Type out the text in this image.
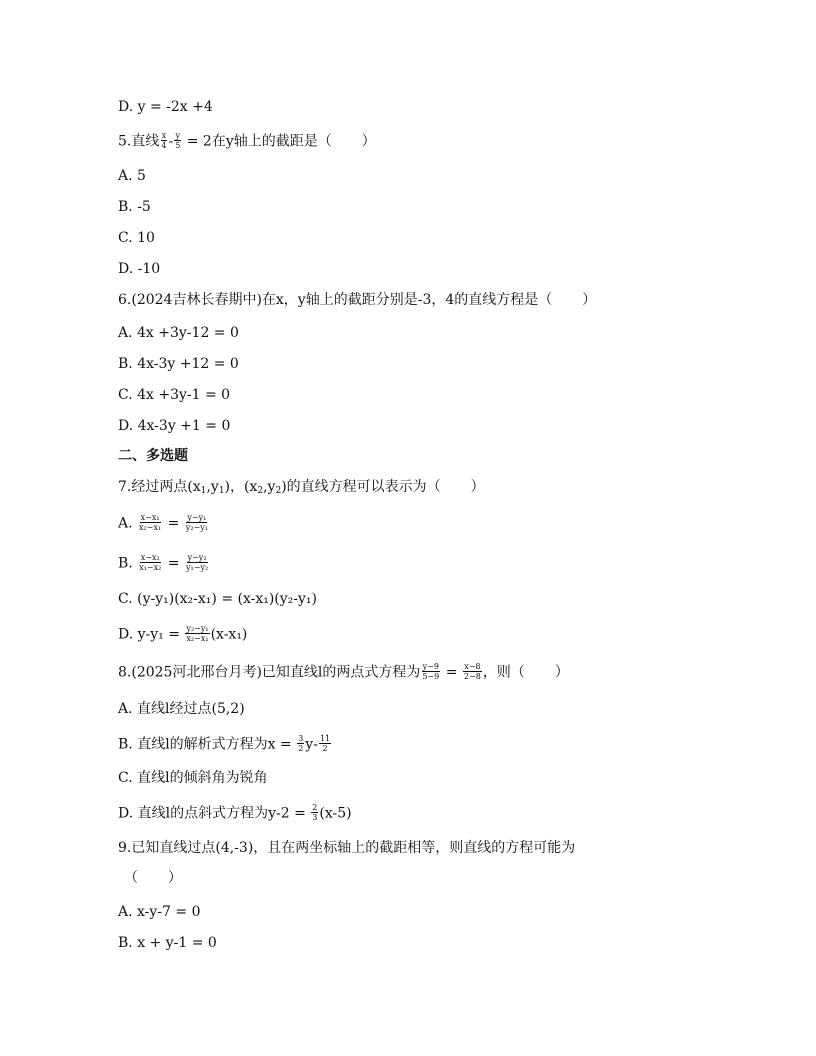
D. y = -2x +4
5.直线 $\frac{x}{4} - \frac{y}{5} = 2$在y轴上的截距是（ ）
A. 5
B. -5
C. 10
D. -10
6.(2024吉林长春期中)在x，y轴上的截距分别是-3，4的直线方程是（ ）
A. 4x +3y-12 = 0
B. 4x-3y +12 = 0
C. 4x +3y-1 = 0
D. 4x-3y +1 = 0
二、多选题
7.经过两点$(x_1,y_1)$，$(x_2,y_2)$的直线方程可以表示为（ ）
A. $\frac{\text{x−x₁}}{\text{x₂−x₁}} = \frac{\text{y−y₁}}{\text{y₂−y₁}}$
B. $\frac{\text{x−x₂}}{\text{x₁−x₂}} = \frac{\text{y−y₂}}{\text{y₁−y₂}}$
C. (y-y₁)(x₂-x₁) = (x-x₁)(y₂-y₁)
D. $y-y_1 = \frac{\text{y₂−y₁}}{\text{x₂−x₁}} (x-x_1)$
8.(2025河北邢台月考)已知直线l的两点式方程为 $\frac{y-9}{5-9} = \frac{x-8}{2-8}$ ，则（ ）
A. 直线l经过点(5,2)
B. 直线l的解析式方程为$x = \frac{3}{2} y- \frac{11}{2}$
C. 直线l的倾斜角为锐角
D. 直线l的点斜式方程为$y-2 = \frac{2}{3} (x-5)$
9.已知直线过点(4,-3)，且在两坐标轴上的截距相等，则直线的方程可能为
（ ）
A. x-y-7 = 0
B. x + y-1 = 0
